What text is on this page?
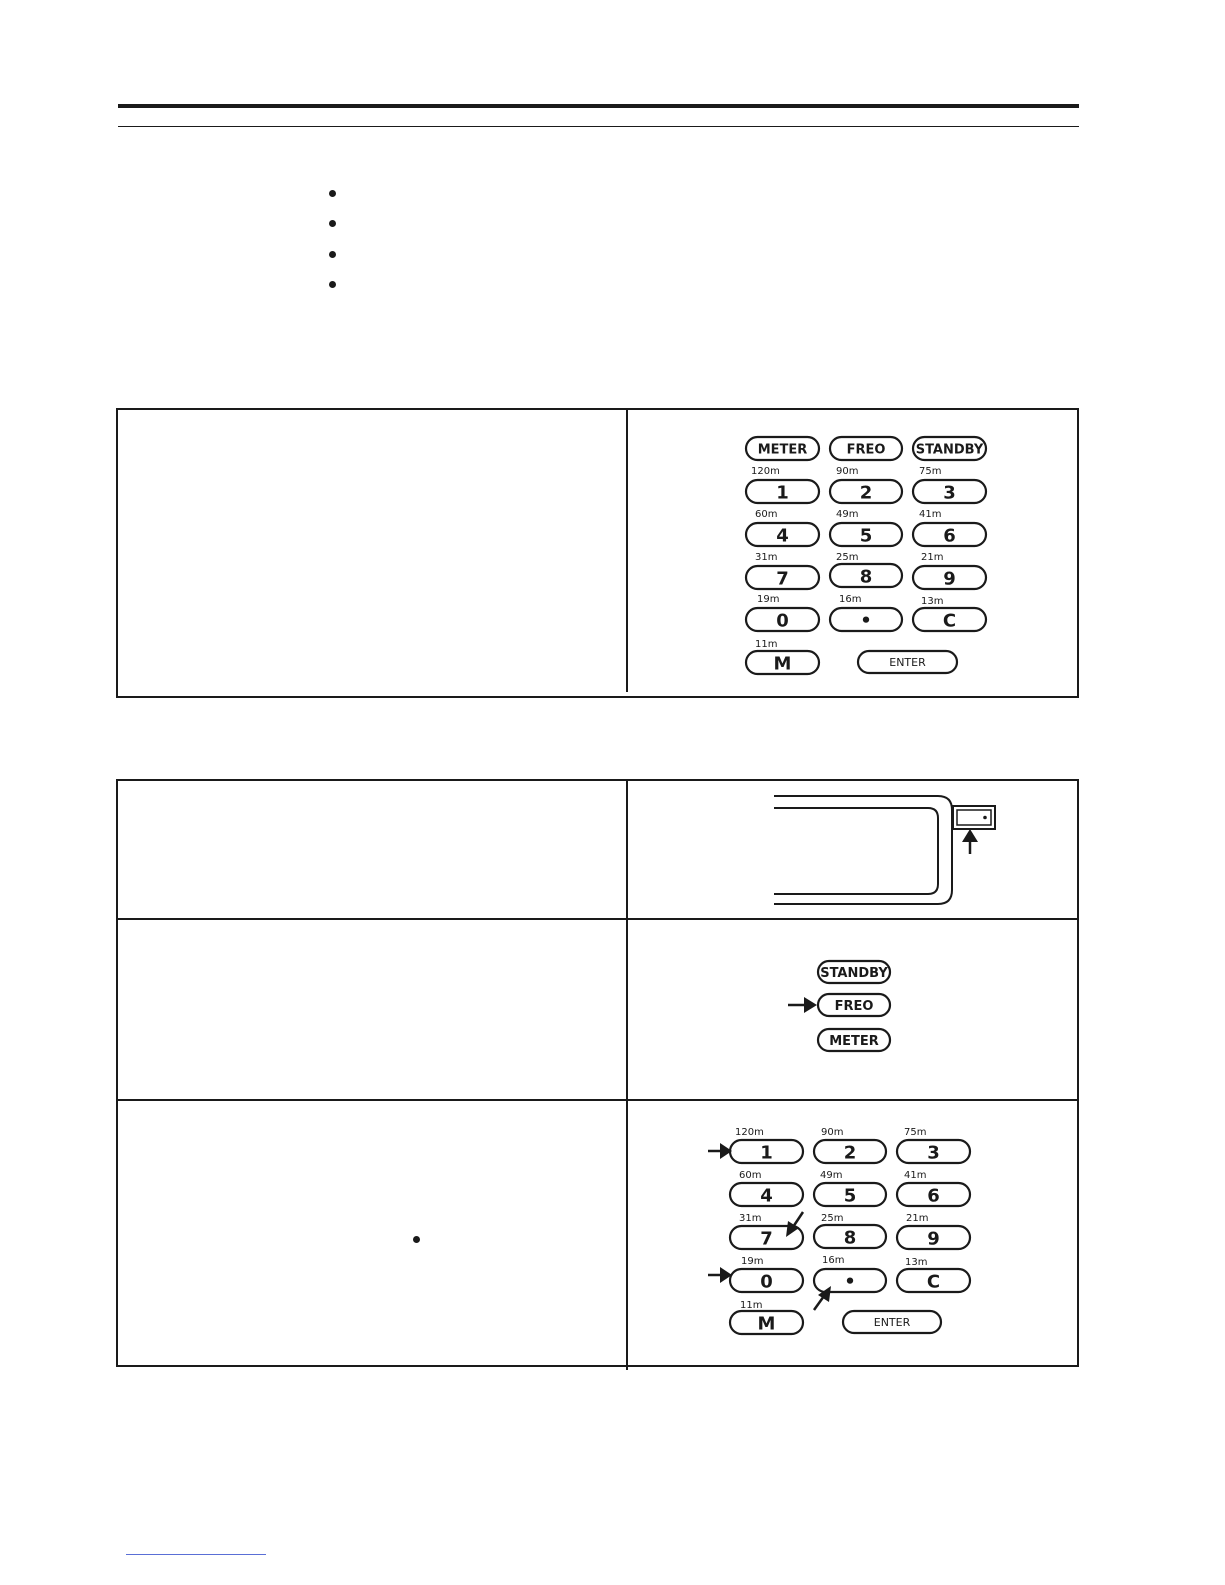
METER	FREO STANDBY
120m	90m	75m
1	2	3
60m	49m	41m
4	5	6
31m	25m	21m
7	8	9
19m	16m	13m
0	•	C
11m
M	ENTER
STANDBY
FREO
METER
120m	90m	75m
1	2	3
60m	49m	41m
4	5	6
31m	25m	21m
7	8	9
19m	16m	13m
0	•	C
11m
M	ENTER
